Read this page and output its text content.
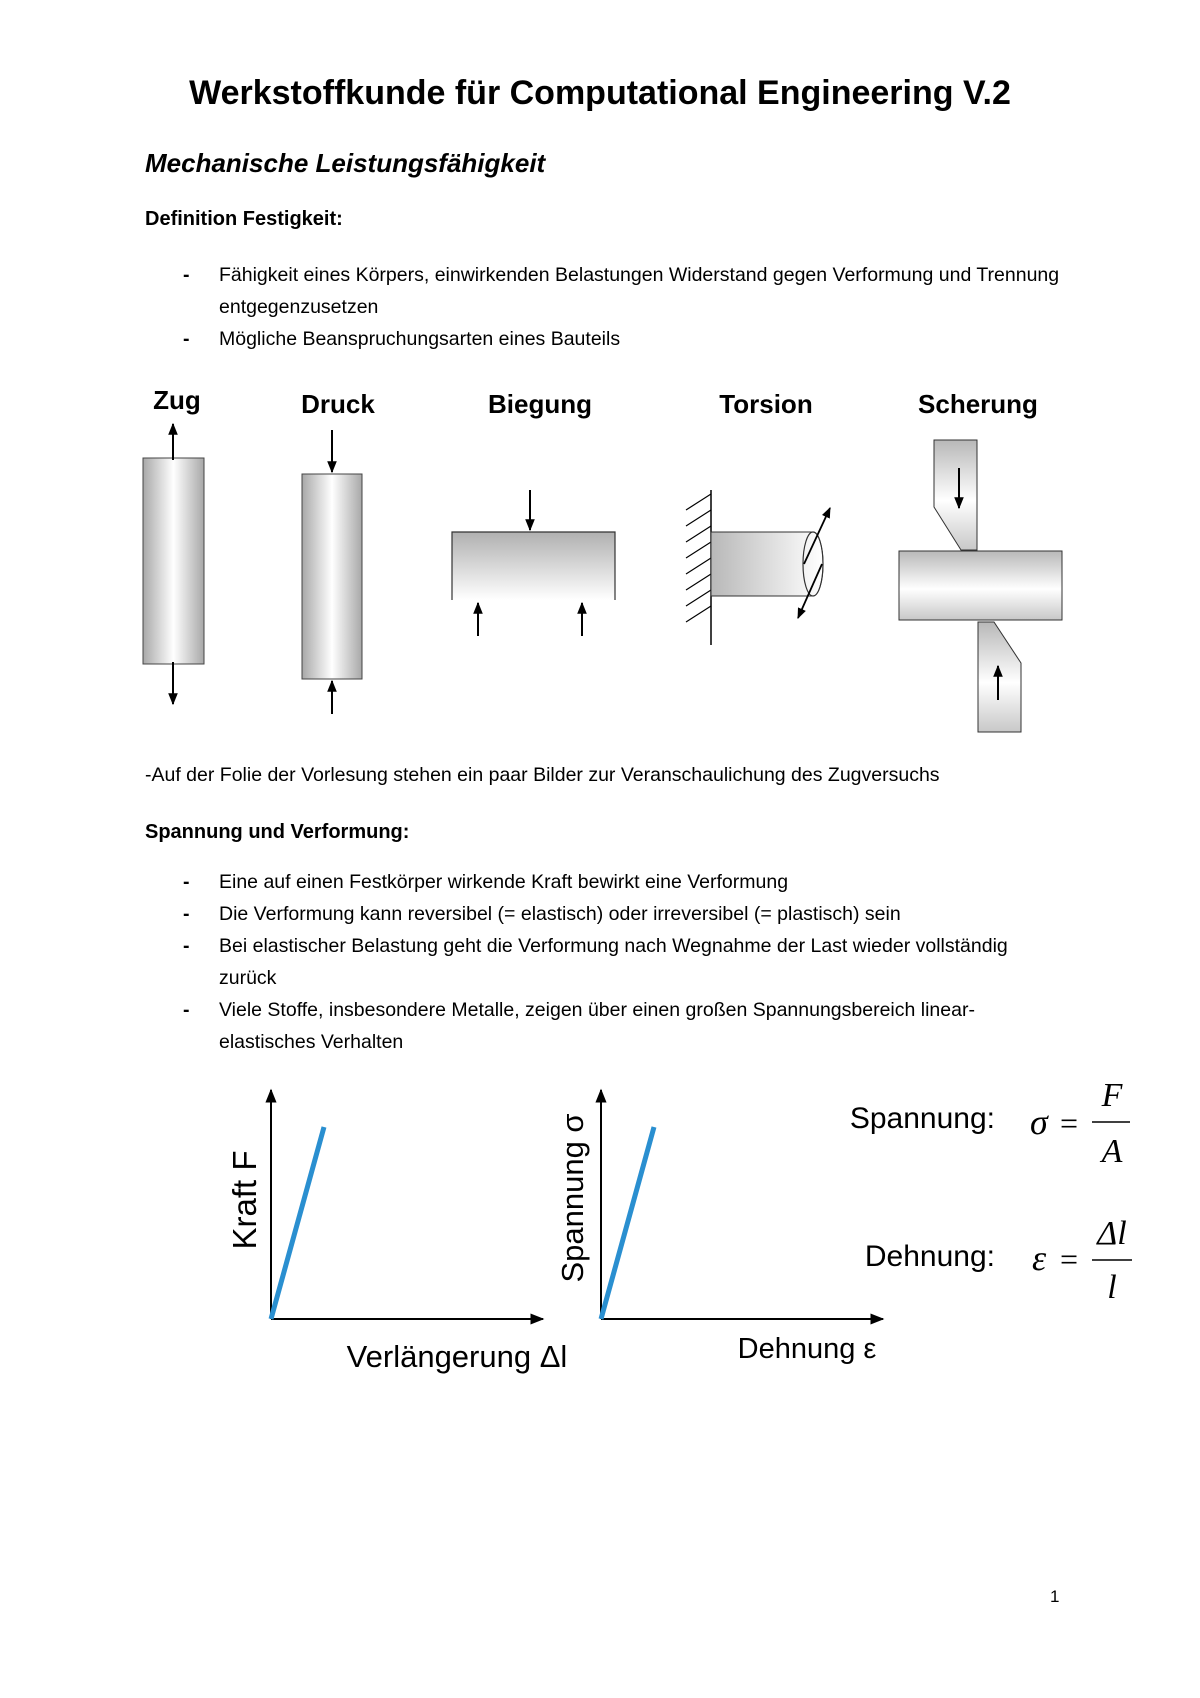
Werkstoffkunde für Computational Engineering V.2
Mechanische Leistungsfähigkeit
Definition Festigkeit:
- Fähigkeit eines Körpers, einwirkenden Belastungen Widerstand gegen Verformung und Trennung entgegenzusetzen
- Mögliche Beanspruchungsarten eines Bauteils
Zug	Druck	Biegung	Torsion	Scherung

-Auf der Folie der Vorlesung stehen ein paar Bilder zur Veranschaulichung des Zugversuchs

Spannung und Verformung:
- Eine auf einen Festkörper wirkende Kraft bewirkt eine Verformung
- Die Verformung kann reversibel (= elastisch) oder irreversibel (= plastisch) sein
- Bei elastischer Belastung geht die Verformung nach Wegnahme der Last wieder vollständig zurück
- Viele Stoffe, insbesondere Metalle, zeigen über einen großen Spannungsbereich linear-elastisches Verhalten
Kraft F
Verlängerung Δl
Spannung σ
Dehnung ε
Spannung: σ =
F
A
Dehnung: ε =
Δl
l
1
